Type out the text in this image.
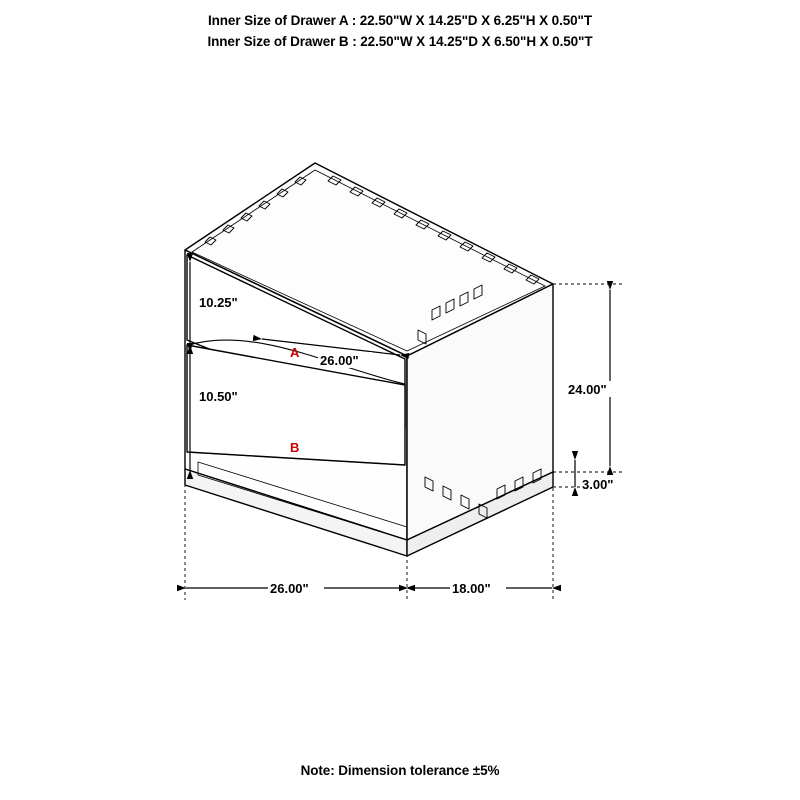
Inner Size of Drawer A : 22.50"W X 14.25"D X 6.25"H X 0.50"T
Inner Size of Drawer B : 22.50"W X 14.25"D X 6.50"H X 0.50"T
10.25"
10.50"
26.00"
24.00"
3.00"
26.00"	18.00"
A
B
Note: Dimension tolerance ±5%
